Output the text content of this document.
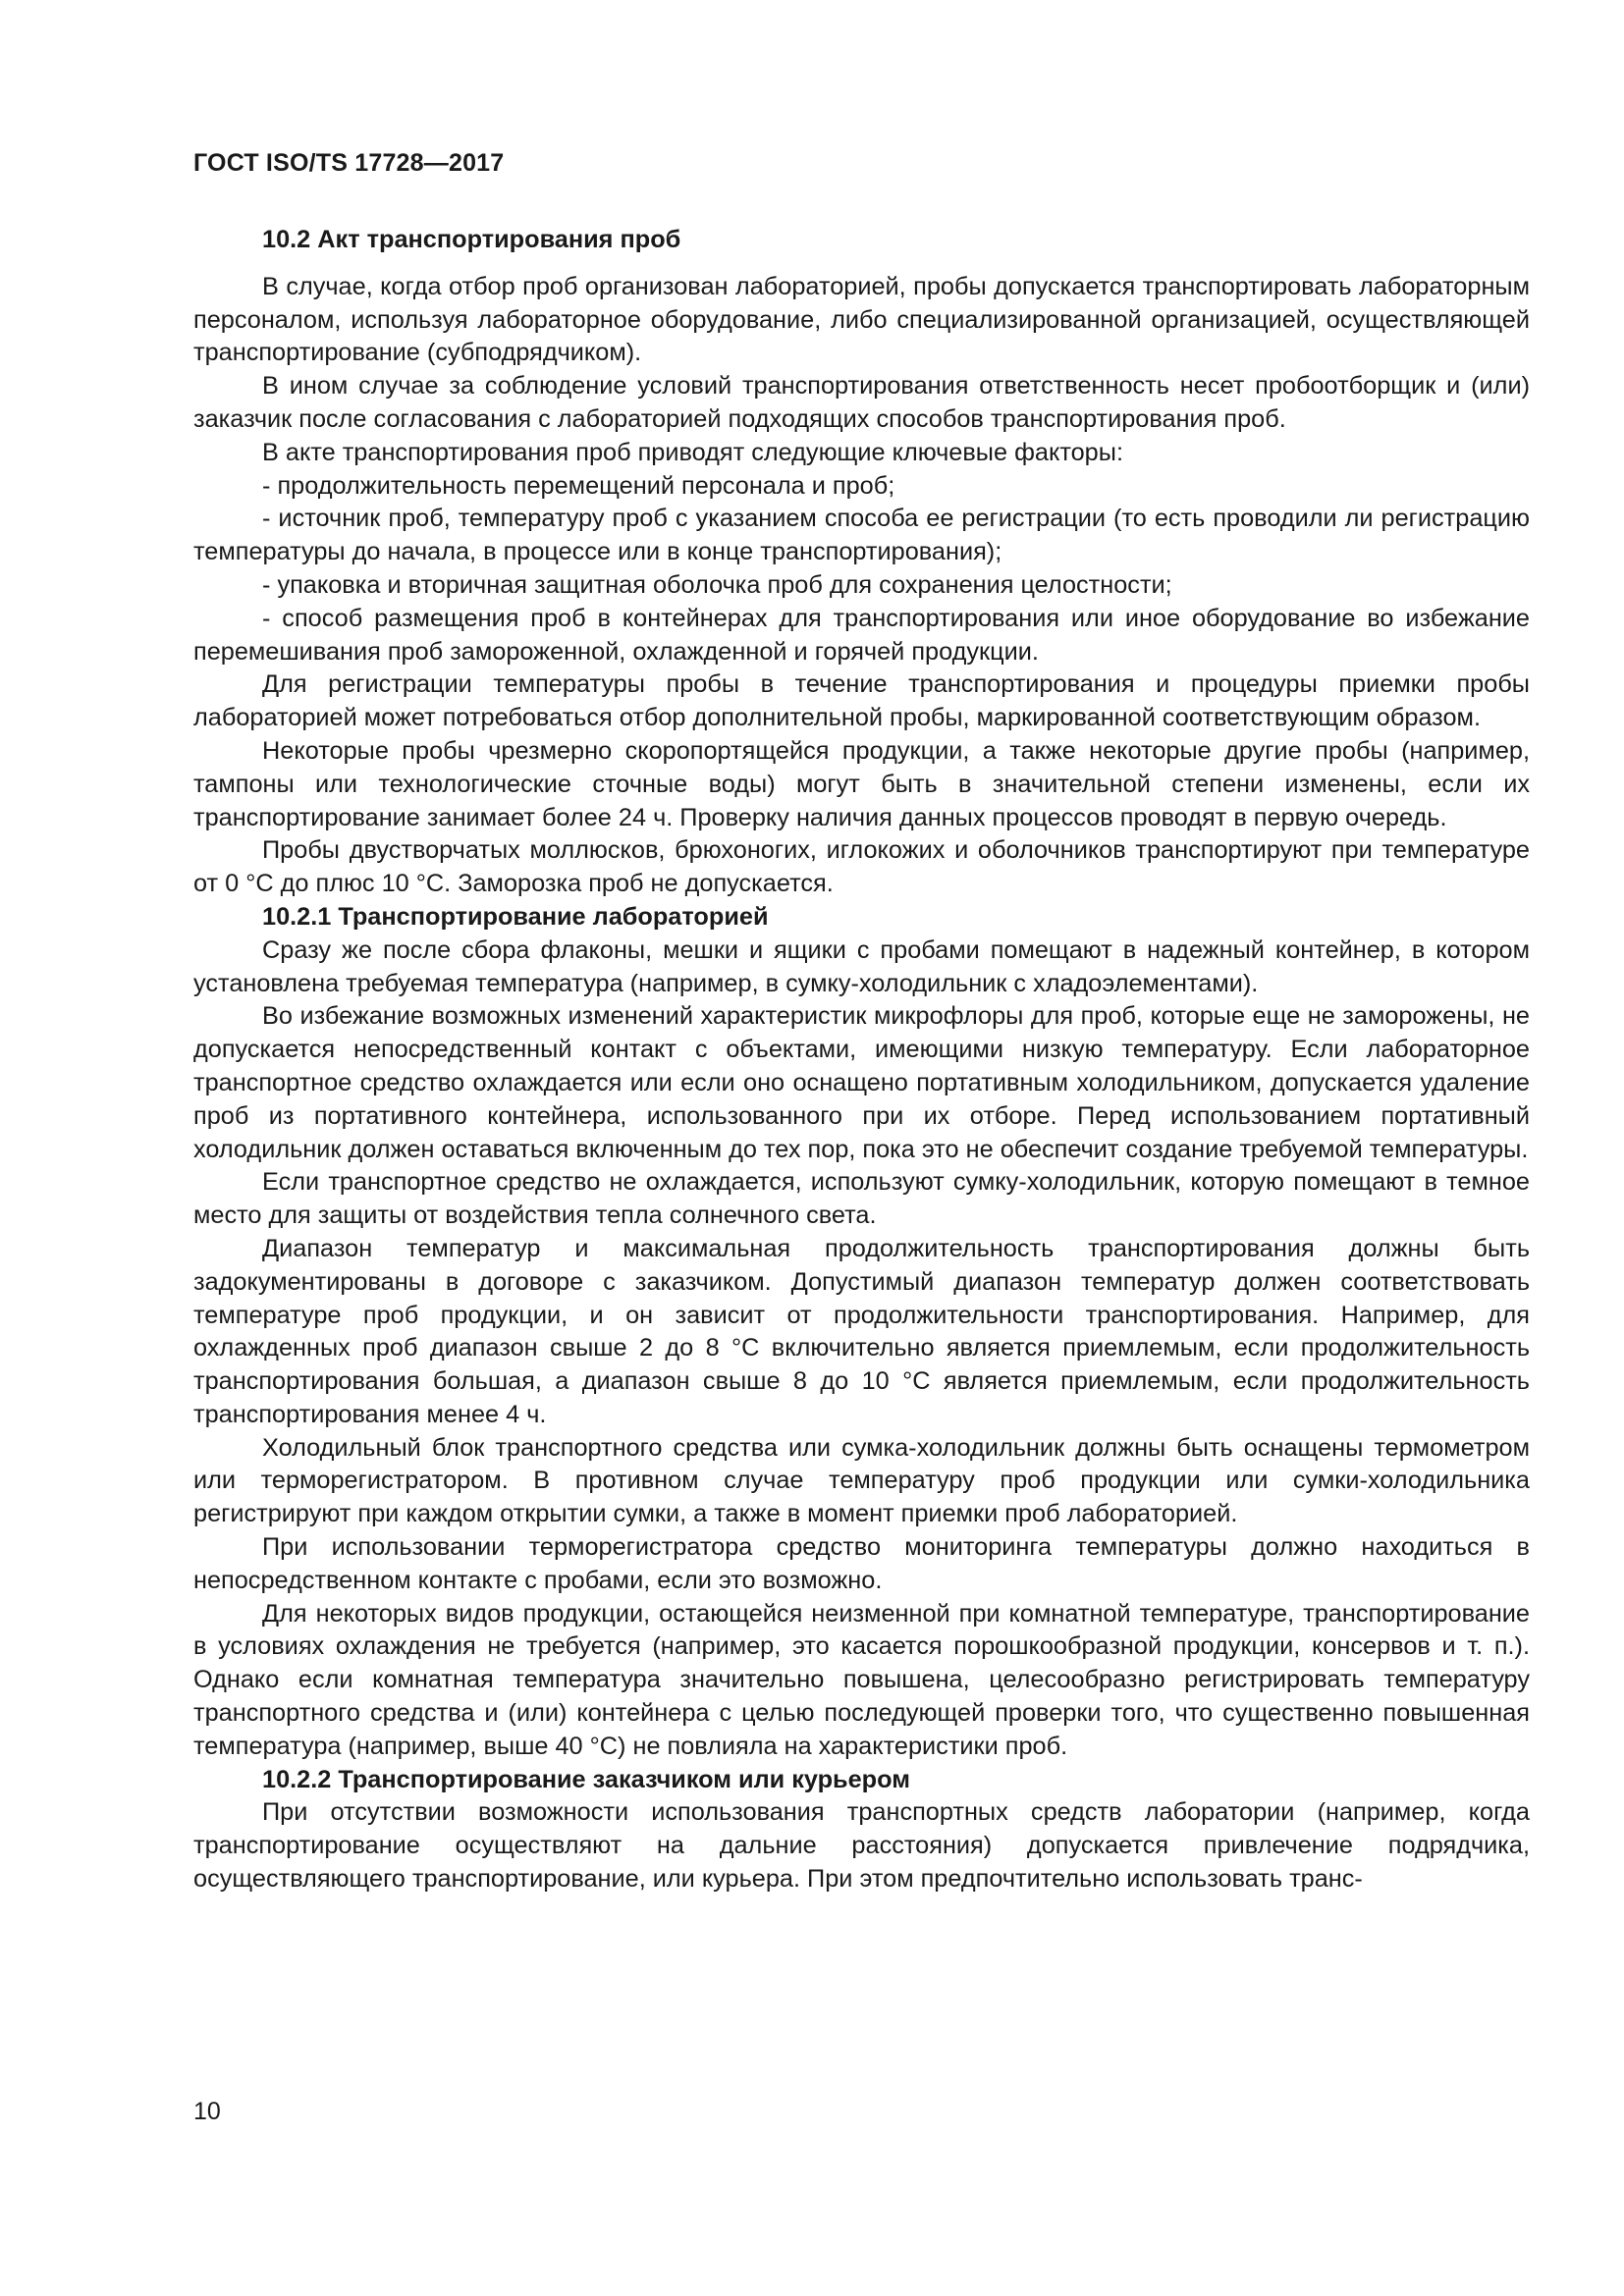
ГОСТ ISO/TS 17728—2017
10.2 Акт транспортирования проб

В случае, когда отбор проб организован лабораторией, пробы допускается транспортировать лабораторным персоналом, используя лабораторное оборудование, либо специализированной организацией, осуществляющей транспортирование (субподрядчиком).

В ином случае за соблюдение условий транспортирования ответственность несет пробоотборщик и (или) заказчик после согласования с лабораторией подходящих способов транспортирования проб.

В акте транспортирования проб приводят следующие ключевые факторы:

- продолжительность перемещений персонала и проб;

- источник проб, температуру проб с указанием способа ее регистрации (то есть проводили ли регистрацию температуры до начала, в процессе или в конце транспортирования);

- упаковка и вторичная защитная оболочка проб для сохранения целостности;

- способ размещения проб в контейнерах для транспортирования или иное оборудование во избежание перемешивания проб замороженной, охлажденной и горячей продукции.

Для регистрации температуры пробы в течение транспортирования и процедуры приемки пробы лабораторией может потребоваться отбор дополнительной пробы, маркированной соответствующим образом.

Некоторые пробы чрезмерно скоропортящейся продукции, а также некоторые другие пробы (например, тампоны или технологические сточные воды) могут быть в значительной степени изменены, если их транспортирование занимает более 24 ч. Проверку наличия данных процессов проводят в первую очередь.

Пробы двустворчатых моллюсков, брюхоногих, иглокожих и оболочников транспортируют при температуре от 0 °С до плюс 10 °С. Заморозка проб не допускается.

10.2.1 Транспортирование лабораторией

Сразу же после сбора флаконы, мешки и ящики с пробами помещают в надежный контейнер, в котором установлена требуемая температура (например, в сумку-холодильник с хладоэлементами).

Во избежание возможных изменений характеристик микрофлоры для проб, которые еще не заморожены, не допускается непосредственный контакт с объектами, имеющими низкую температуру. Если лабораторное транспортное средство охлаждается или если оно оснащено портативным холодильником, допускается удаление проб из портативного контейнера, использованного при их отборе. Перед использованием портативный холодильник должен оставаться включенным до тех пор, пока это не обеспечит создание требуемой температуры.

Если транспортное средство не охлаждается, используют сумку-холодильник, которую помещают в темное место для защиты от воздействия тепла солнечного света.

Диапазон температур и максимальная продолжительность транспортирования должны быть задокументированы в договоре с заказчиком. Допустимый диапазон температур должен соответствовать температуре проб продукции, и он зависит от продолжительности транспортирования. Например, для охлажденных проб диапазон свыше 2 до 8 °С включительно является приемлемым, если продолжительность транспортирования большая, а диапазон свыше 8 до 10 °С является приемлемым, если продолжительность транспортирования менее 4 ч.

Холодильный блок транспортного средства или сумка-холодильник должны быть оснащены термометром или терморегистратором. В противном случае температуру проб продукции или сумки-холодильника регистрируют при каждом открытии сумки, а также в момент приемки проб лабораторией.

При использовании терморегистратора средство мониторинга температуры должно находиться в непосредственном контакте с пробами, если это возможно.

Для некоторых видов продукции, остающейся неизменной при комнатной температуре, транспортирование в условиях охлаждения не требуется (например, это касается порошкообразной продукции, консервов и т. п.). Однако если комнатная температура значительно повышена, целесообразно регистрировать температуру транспортного средства и (или) контейнера с целью последующей проверки того, что существенно повышенная температура (например, выше 40 °С) не повлияла на характеристики проб.

10.2.2 Транспортирование заказчиком или курьером

При отсутствии возможности использования транспортных средств лаборатории (например, когда транспортирование осуществляют на дальние расстояния) допускается привлечение подрядчика, осуществляющего транспортирование, или курьера. При этом предпочтительно использовать транс-

10
